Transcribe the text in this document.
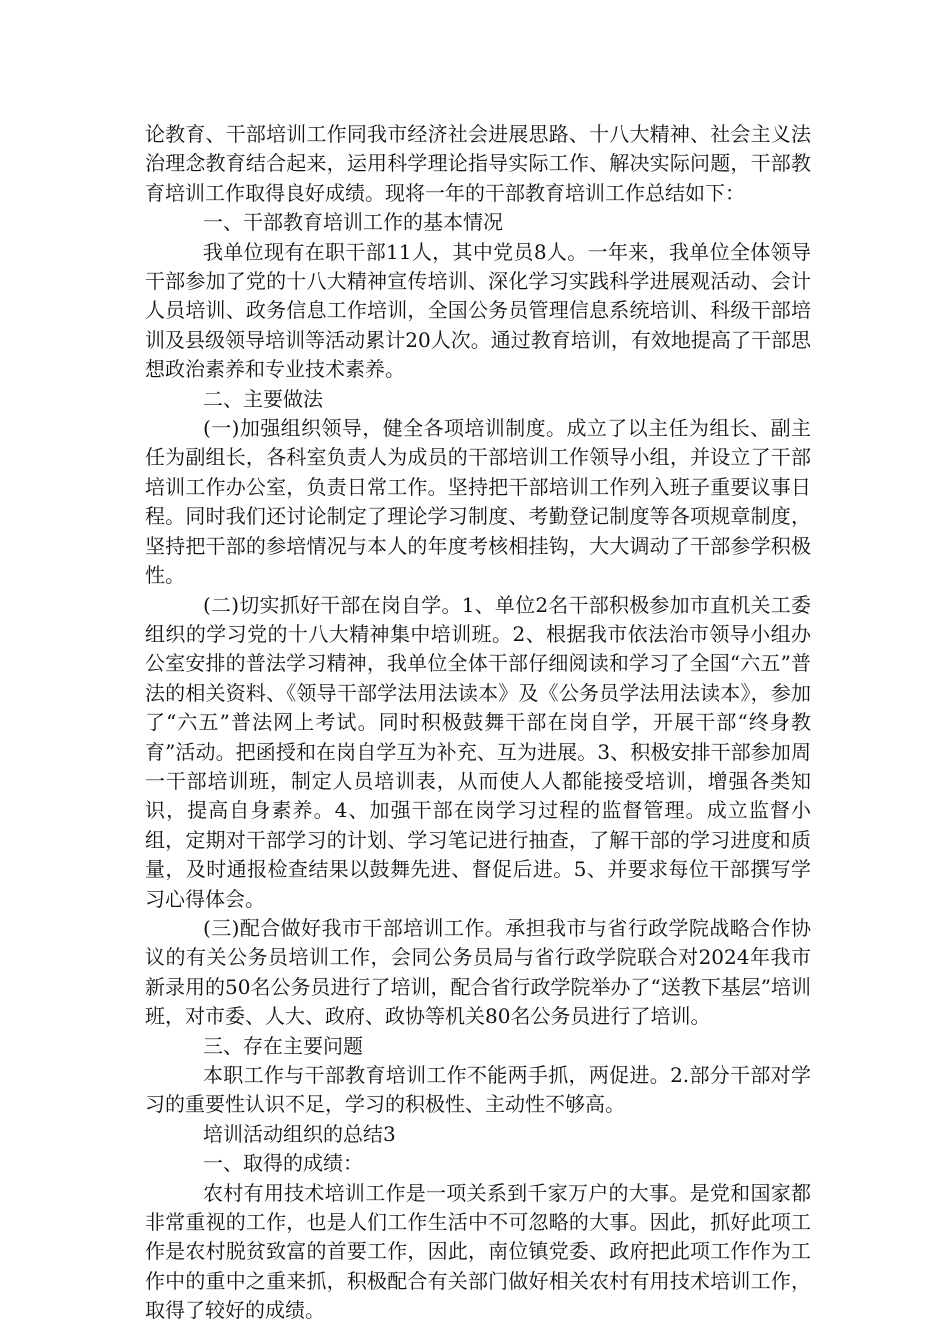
论教育、干部培训工作同我市经济社会进展思路、十八大精神、社会主义法治理念教育结合起来，运用科学理论指导实际工作、解决实际问题，干部教育培训工作取得良好成绩。现将一年的干部教育培训工作总结如下：

一、干部教育培训工作的基本情况

我单位现有在职干部11人，其中党员8人。一年来，我单位全体领导干部参加了党的十八大精神宣传培训、深化学习实践科学进展观活动、会计人员培训、政务信息工作培训，全国公务员管理信息系统培训、科级干部培训及县级领导培训等活动累计20人次。通过教育培训，有效地提高了干部思想政治素养和专业技术素养。

二、主要做法

(一)加强组织领导，健全各项培训制度。成立了以主任为组长、副主任为副组长，各科室负责人为成员的干部培训工作领导小组，并设立了干部培训工作办公室，负责日常工作。坚持把干部培训工作列入班子重要议事日程。同时我们还讨论制定了理论学习制度、考勤登记制度等各项规章制度，坚持把干部的参培情况与本人的年度考核相挂钩，大大调动了干部参学积极性。

(二)切实抓好干部在岗自学。1、单位2名干部积极参加市直机关工委组织的学习党的十八大精神集中培训班。2、根据我市依法治市领导小组办公室安排的普法学习精神，我单位全体干部仔细阅读和学习了全国“六五”普法的相关资料、《领导干部学法用法读本》及《公务员学法用法读本》，参加了“六五”普法网上考试。同时积极鼓舞干部在岗自学，开展干部“终身教育”活动。把函授和在岗自学互为补充、互为进展。3、积极安排干部参加周一干部培训班，制定人员培训表，从而使人人都能接受培训，增强各类知识，提高自身素养。4、加强干部在岗学习过程的监督管理。成立监督小组，定期对干部学习的计划、学习笔记进行抽查，了解干部的学习进度和质量，及时通报检查结果以鼓舞先进、督促后进。5、并要求每位干部撰写学习心得体会。

(三)配合做好我市干部培训工作。承担我市与省行政学院战略合作协议的有关公务员培训工作，会同公务员局与省行政学院联合对2024年我市新录用的50名公务员进行了培训，配合省行政学院举办了“送教下基层”培训班，对市委、人大、政府、政协等机关80名公务员进行了培训。

三、存在主要问题

本职工作与干部教育培训工作不能两手抓，两促进。2.部分干部对学习的重要性认识不足，学习的积极性、主动性不够高。

培训活动组织的总结3

一、取得的成绩：

农村有用技术培训工作是一项关系到千家万户的大事。是党和国家都非常重视的工作，也是人们工作生活中不可忽略的大事。因此，抓好此项工作是农村脱贫致富的首要工作，因此，南位镇党委、政府把此项工作作为工作中的重中之重来抓，积极配合有关部门做好相关农村有用技术培训工作，取得了较好的成绩。
